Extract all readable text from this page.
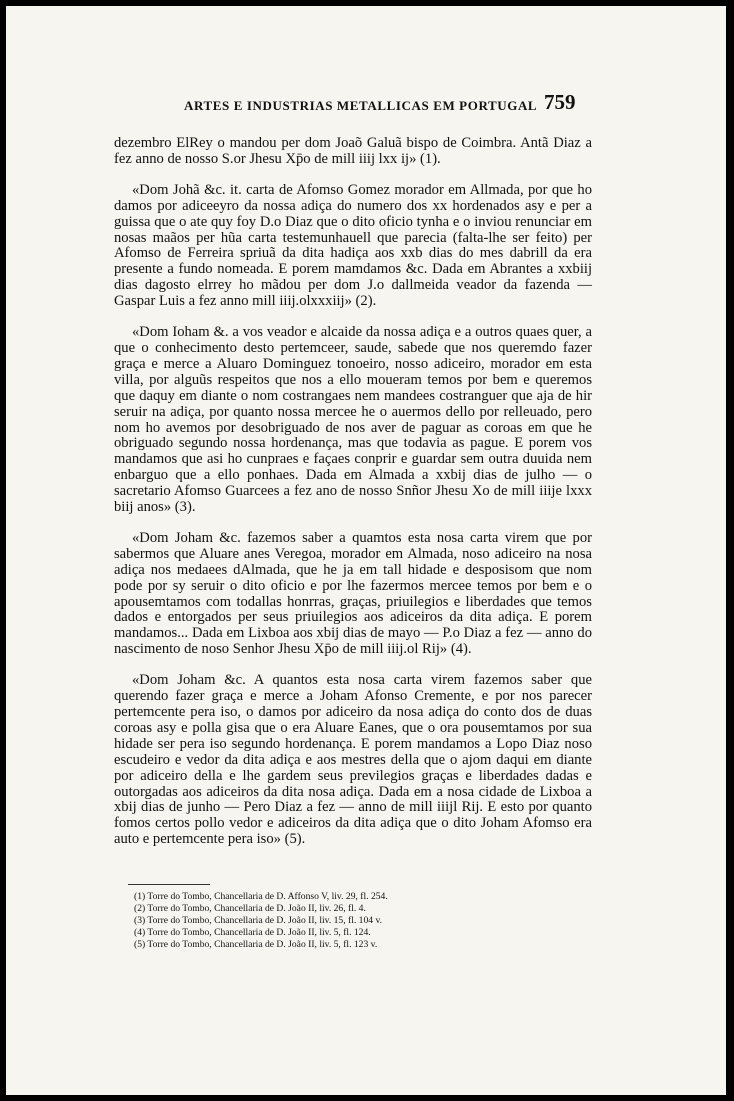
ARTES E INDUSTRIAS METALLICAS EM PORTUGAL 759

dezembro ElRey o mandou per dom Joaõ Galuã bispo de Coimbra. Antã Diaz a fez anno de nosso S.or Jhesu Xp̄o de mill iiij lxx ij» (1).

«Dom Johã &c. it. carta de Afomso Gomez morador em Allmada, por que ho damos por adiceeyro da nossa adiça do numero dos xx hordenados asy e per a guissa que o ate quy foy D.o Diaz que o dito oficio tynha e o inviou renunciar em nosas maãos per hũa carta testemunhauell que parecia (falta-lhe ser feito) per Afomso de Ferreira spriuã da dita hadiça aos xxb dias do mes dabrill da era presente a fundo nomeada. E porem mamdamos &c. Dada em Abrantes a xxbiij dias dagosto elrrey ho mãdou per dom J.o dallmeida veador da fazenda — Gaspar Luis a fez anno mill iiij.olxxxiij» (2).

«Dom Ioham &. a vos veador e alcaide da nossa adiça e a outros quaes quer, a que o conhecimento desto pertemceer, saude, sabede que nos queremdo fazer graça e merce a Aluaro Dominguez tonoeiro, nosso adiceiro, morador em esta villa, por alguũs respeitos que nos a ello moueram temos por bem e queremos que daquy em diante o nom costrangaes nem mandees costranguer que aja de hir seruir na adiça, por quanto nossa mercee he o auermos dello por relleuado, pero nom ho avemos por desobriguado de nos aver de paguar as coroas em que he obriguado segundo nossa hordenança, mas que todavia as pague. E porem vos mandamos que asi ho cunpraes e façaes conprir e guardar sem outra duuida nem enbarguo que a ello ponhaes. Dada em Almada a xxbij dias de julho — o sacretario Afomso Guarcees a fez ano de nosso Snñor Jhesu Xo de mill iiije lxxx biij anos» (3).

«Dom Joham &c. fazemos saber a quamtos esta nosa carta virem que por sabermos que Aluare anes Veregoa, morador em Almada, noso adiceiro na nosa adiça nos medaees dAlmada, que he ja em tall hidade e desposisom que nom pode por sy seruir o dito oficio e por lhe fazermos mercee temos por bem e o apousemtamos com todallas honrras, graças, priuilegios e liberdades que temos dados e entorgados per seus priuilegios aos adiceiros da dita adiça. E porem mandamos... Dada em Lixboa aos xbij dias de mayo — P.o Diaz a fez — anno do nascimento de noso Senhor Jhesu Xp̄o de mill iiij.ol Rij» (4).

«Dom Joham &c. A quantos esta nosa carta virem fazemos saber que querendo fazer graça e merce a Joham Afonso Cremente, e por nos parecer pertemcente pera iso, o damos por adiceiro da nosa adiça do conto dos de duas coroas asy e polla gisa que o era Aluare Eanes, que o ora pousemtamos por sua hidade ser pera iso segundo hordenança. E porem mandamos a Lopo Diaz noso escudeiro e vedor da dita adiça e aos mestres della que o ajom daqui em diante por adiceiro della e lhe gardem seus previlegios graças e liberdades dadas e outorgadas aos adiceiros da dita nosa adiça. Dada em a nosa cidade de Lixboa a xbij dias de junho — Pero Diaz a fez — anno de mill iiijl Rij. E esto por quanto fomos certos pollo vedor e adiceiros da dita adiça que o dito Joham Afomso era auto e pertemcente pera iso» (5).

(1) Torre do Tombo, Chancellaria de D. Affonso V, liv. 29, fl. 254.
(2) Torre do Tombo, Chancellaria de D. João II, liv. 26, fl. 4.
(3) Torre do Tombo, Chancellaria de D. João II, liv. 15, fl. 104 v.
(4) Torre do Tombo, Chancellaria de D. João II, liv. 5, fl. 124.
(5) Torre do Tombo, Chancellaria de D. João II, liv. 5, fl. 123 v.
